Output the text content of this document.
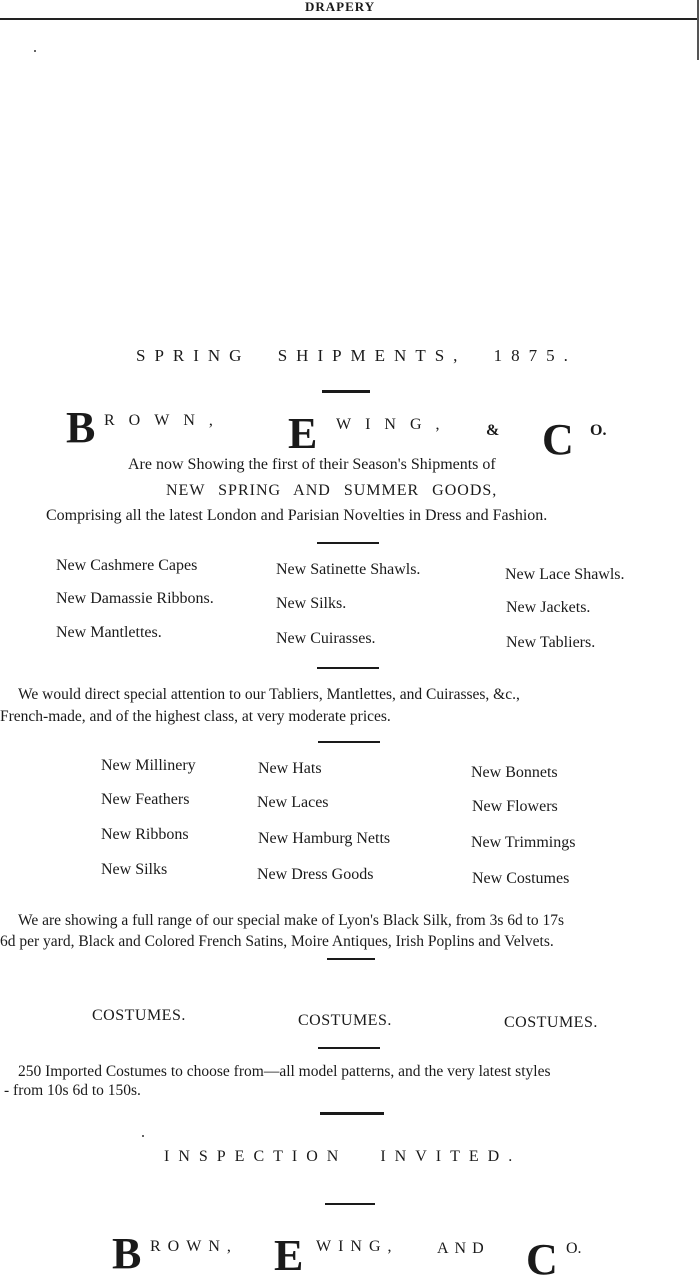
DRAPERY
SPRING SHIPMENTS, 1875.
B ROWN, E WING, & C O.
Are now Showing the first of their Season's Shipments of
NEW SPRING AND SUMMER GOODS,
Comprising all the latest London and Parisian Novelties in Dress and Fashion.
New Cashmere Capes	New Satinette Shawls.	New Lace Shawls.
New Damassie Ribbons.	New Silks.	New Jackets.
New Mantlettes.	New Cuirasses.	New Tabliers.
We would direct special attention to our Tabliers, Mantlettes, and Cuirasses, &c.,
French-made, and of the highest class, at very moderate prices.
New Millinery	New Hats	New Bonnets
New Feathers	New Laces	New Flowers
New Ribbons	New Hamburg Netts	New Trimmings
New Silks	New Dress Goods	New Costumes
We are showing a full range of our special make of Lyon's Black Silk, from 3s 6d to 17s
6d per yard, Black and Colored French Satins, Moire Antiques, Irish Poplins and Velvets.
COSTUMES.	COSTUMES.	COSTUMES.
250 Imported Costumes to choose from—all model patterns, and the very latest styles
- from 10s 6d to 150s.
INSPECTION INVITED.
B ROWN, E WING, AND C O.
